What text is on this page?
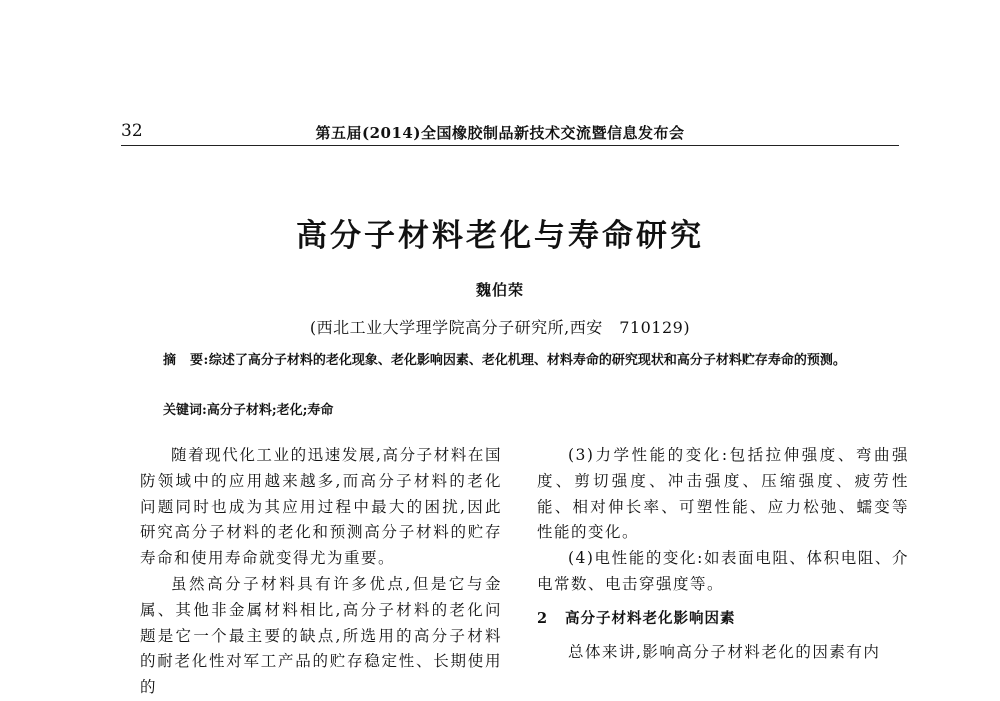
32	第五届(2014)全国橡胶制品新技术交流暨信息发布会
高分子材料老化与寿命研究
魏伯荣
(西北工业大学理学院高分子研究所,西安　710129)
摘　要:综述了高分子材料的老化现象、老化影响因素、老化机理、材料寿命的研究现状和高分子材料贮存寿命的预测。
关键词:高分子材料;老化;寿命

随着现代化工业的迅速发展,高分子材料在国防领域中的应用越来越多,而高分子材料的老化问题同时也成为其应用过程中最大的困扰,因此研究高分子材料的老化和预测高分子材料的贮存寿命和使用寿命就变得尤为重要。

虽然高分子材料具有许多优点,但是它与金属、其他非金属材料相比,高分子材料的老化问题是它一个最主要的缺点,所选用的高分子材料的耐老化性对军工产品的贮存稳定性、长期使用的

(3)力学性能的变化:包括拉伸强度、弯曲强度、剪切强度、冲击强度、压缩强度、疲劳性能、相对伸长率、可塑性能、应力松弛、蠕变等性能的变化。

(4)电性能的变化:如表面电阻、体积电阻、介电常数、电击穿强度等。

2 高分子材料老化影响因素

总体来讲,影响高分子材料老化的因素有内
